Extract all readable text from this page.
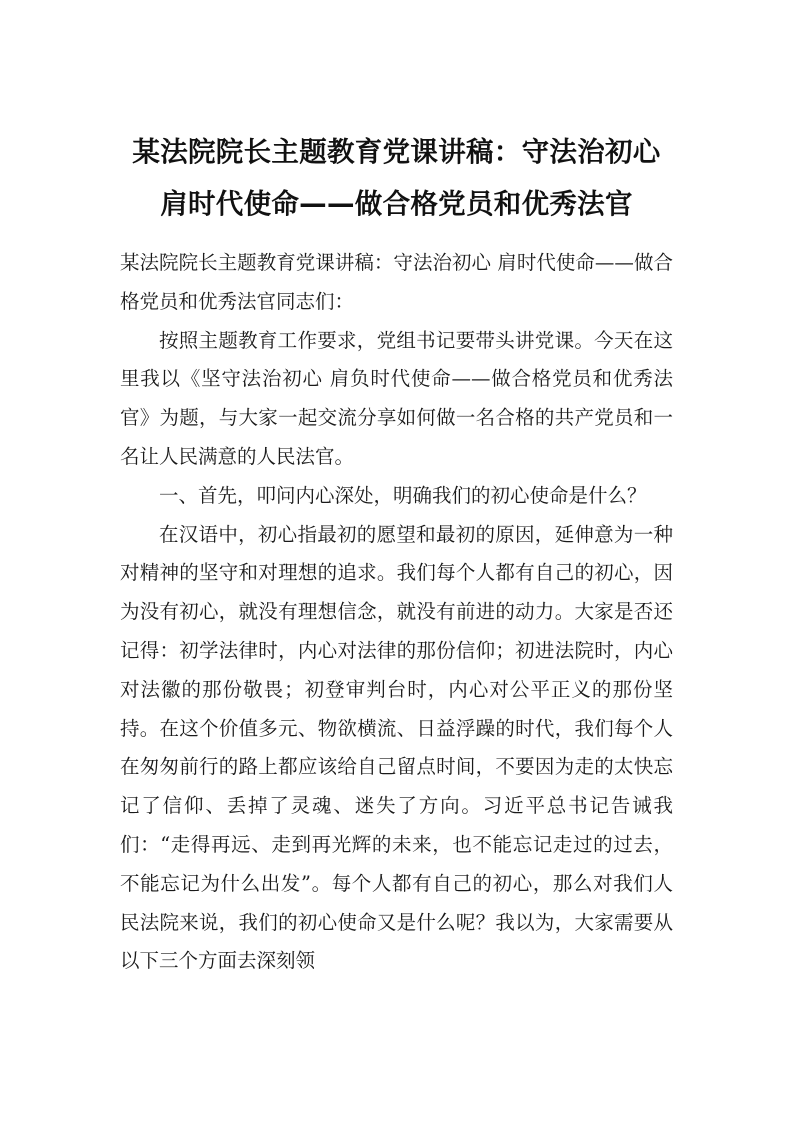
某法院院长主题教育党课讲稿：守法治初心
肩时代使命——做合格党员和优秀法官

某法院院长主题教育党课讲稿：守法治初心 肩时代使命——做合格党员和优秀法官同志们：

按照主题教育工作要求，党组书记要带头讲党课。今天在这里我以《坚守法治初心 肩负时代使命——做合格党员和优秀法官》为题，与大家一起交流分享如何做一名合格的共产党员和一名让人民满意的人民法官。

一、首先，叩问内心深处，明确我们的初心使命是什么？

在汉语中，初心指最初的愿望和最初的原因，延伸意为一种对精神的坚守和对理想的追求。我们每个人都有自己的初心，因为没有初心，就没有理想信念，就没有前进的动力。大家是否还记得：初学法律时，内心对法律的那份信仰；初进法院时，内心对法徽的那份敬畏；初登审判台时，内心对公平正义的那份坚持。在这个价值多元、物欲横流、日益浮躁的时代，我们每个人在匆匆前行的路上都应该给自己留点时间，不要因为走的太快忘记了信仰、丢掉了灵魂、迷失了方向。习近平总书记告诫我们：“走得再远、走到再光辉的未来，也不能忘记走过的过去，不能忘记为什么出发”。每个人都有自己的初心，那么对我们人民法院来说，我们的初心使命又是什么呢？我以为，大家需要从以下三个方面去深刻领
